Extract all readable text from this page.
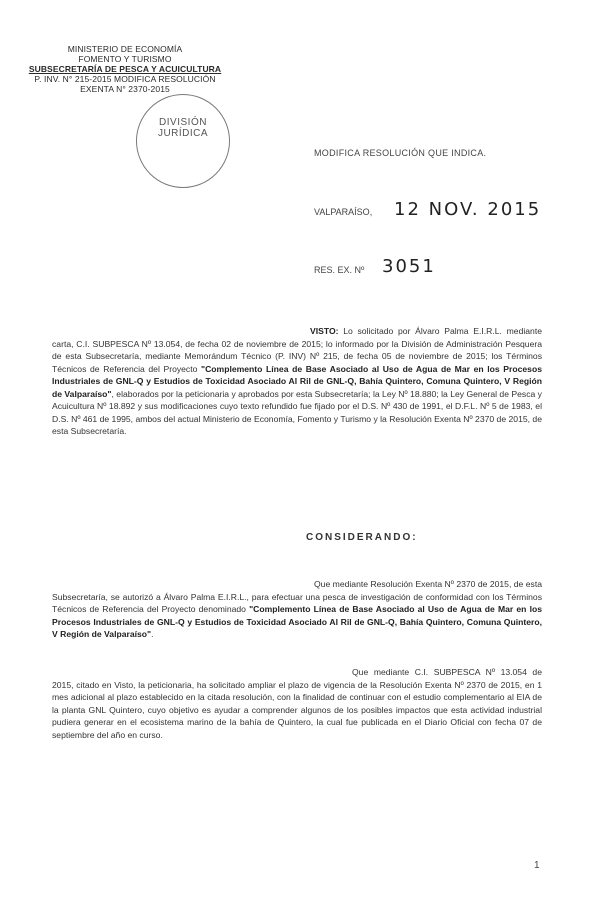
MINISTERIO DE ECONOMÍA
FOMENTO Y TURISMO
SUBSECRETARÍA DE PESCA Y ACUICULTURA
P. INV. N° 215-2015 MODIFICA RESOLUCIÓN
EXENTA N° 2370-2015
DIVISIÓN
JURÍDICA
MODIFICA RESOLUCIÓN QUE INDICA.
VALPARAÍSO, 12 NOV. 2015
RES. EX. Nº 3051
VISTO: Lo solicitado por Álvaro Palma E.I.R.L. mediante carta, C.I. SUBPESCA Nº 13.054, de fecha 02 de noviembre de 2015; lo informado por la División de Administración Pesquera de esta Subsecretaría, mediante Memorándum Técnico (P. INV) Nº 215, de fecha 05 de noviembre de 2015; los Términos Técnicos de Referencia del Proyecto "Complemento Línea de Base Asociado al Uso de Agua de Mar en los Procesos Industriales de GNL-Q y Estudios de Toxicidad Asociado Al Ril de GNL-Q, Bahía Quintero, Comuna Quintero, V Región de Valparaíso", elaborados por la peticionaria y aprobados por esta Subsecretaría; la Ley Nº 18.880; la Ley General de Pesca y Acuicultura Nº 18.892 y sus modificaciones cuyo texto refundido fue fijado por el D.S. Nº 430 de 1991, el D.F.L. Nº 5 de 1983, el D.S. Nº 461 de 1995, ambos del actual Ministerio de Economía, Fomento y Turismo y la Resolución Exenta Nº 2370 de 2015, de esta Subsecretaría.
CONSIDERANDO:
Que mediante Resolución Exenta Nº 2370 de 2015, de esta Subsecretaría, se autorizó a Álvaro Palma E.I.R.L., para efectuar una pesca de investigación de conformidad con los Términos Técnicos de Referencia del Proyecto denominado "Complemento Línea de Base Asociado al Uso de Agua de Mar en los Procesos Industriales de GNL-Q y Estudios de Toxicidad Asociado Al Ril de GNL-Q, Bahía Quintero, Comuna Quintero, V Región de Valparaíso".
Que mediante C.I. SUBPESCA Nº 13.054 de 2015, citado en Visto, la peticionaria, ha solicitado ampliar el plazo de vigencia de la Resolución Exenta Nº 2370 de 2015, en 1 mes adicional al plazo establecido en la citada resolución, con la finalidad de continuar con el estudio complementario al EIA de la planta GNL Quintero, cuyo objetivo es ayudar a comprender algunos de los posibles impactos que esta actividad industrial pudiera generar en el ecosistema marino de la bahía de Quintero, la cual fue publicada en el Diario Oficial con fecha 07 de septiembre del año en curso.
1
